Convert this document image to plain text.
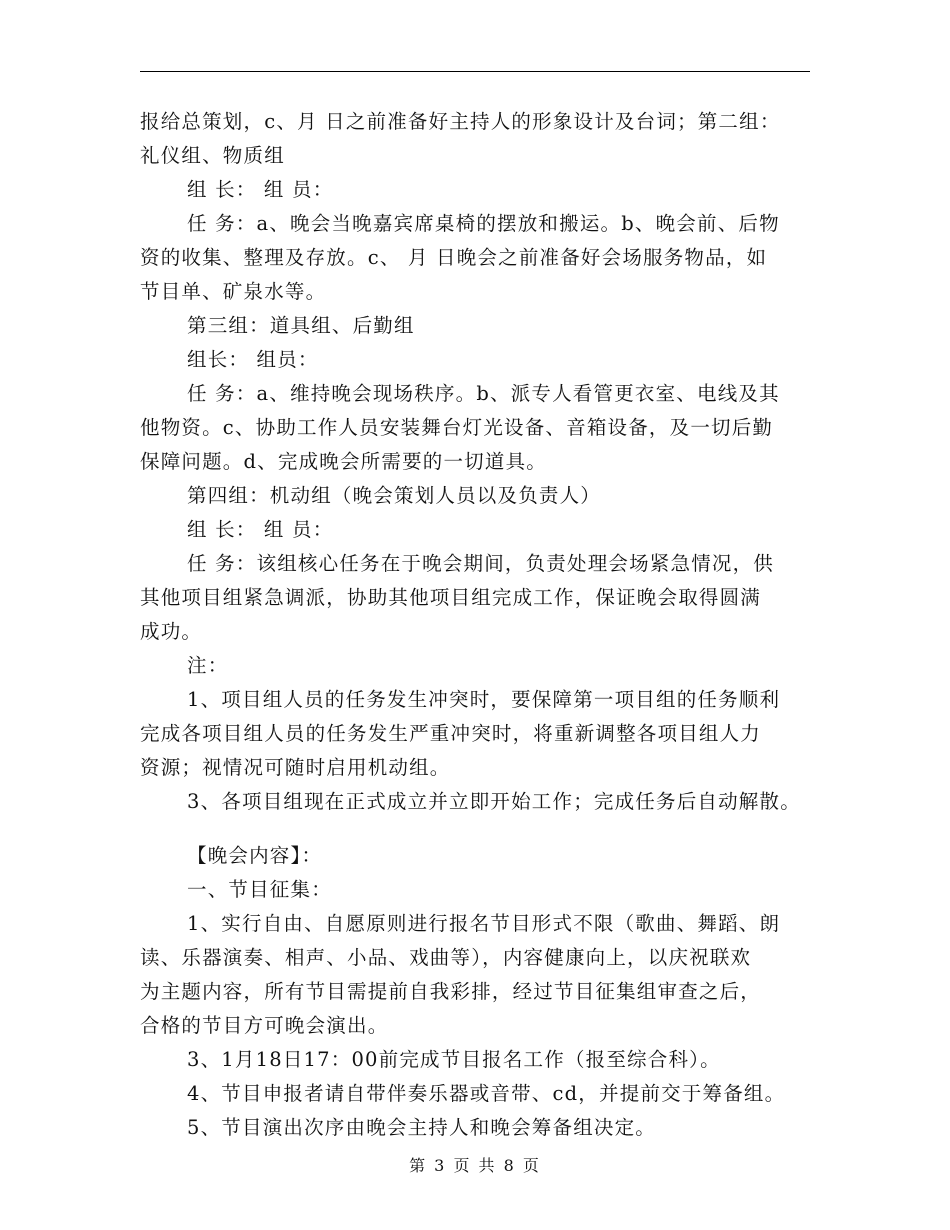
报给总策划，c、月 日之前准备好主持人的形象设计及台词；第二组：
礼仪组、物质组
组 长： 组 员：
任 务：a、晚会当晚嘉宾席桌椅的摆放和搬运。b、晚会前、后物
资的收集、整理及存放。c、 月 日晚会之前准备好会场服务物品，如
节目单、矿泉水等。
第三组：道具组、后勤组
组长： 组员：
任 务：a、维持晚会现场秩序。b、派专人看管更衣室、电线及其
他物资。c、协助工作人员安装舞台灯光设备、音箱设备，及一切后勤
保障问题。d、完成晚会所需要的一切道具。
第四组：机动组（晚会策划人员以及负责人）
组 长： 组 员：
任 务：该组核心任务在于晚会期间，负责处理会场紧急情况，供
其他项目组紧急调派，协助其他项目组完成工作，保证晚会取得圆满
成功。
注：
1、项目组人员的任务发生冲突时，要保障第一项目组的任务顺利
完成各项目组人员的任务发生严重冲突时，将重新调整各项目组人力
资源；视情况可随时启用机动组。
3、各项目组现在正式成立并立即开始工作；完成任务后自动解散。
【晚会内容】：
一、节目征集：
1、实行自由、自愿原则进行报名节目形式不限（歌曲、舞蹈、朗
读、乐器演奏、相声、小品、戏曲等），内容健康向上，以庆祝联欢
为主题内容，所有节目需提前自我彩排，经过节目征集组审查之后，
合格的节目方可晚会演出。
3、1月18日17：00前完成节目报名工作（报至综合科）。
4、节目申报者请自带伴奏乐器或音带、cd，并提前交于筹备组。
5、节目演出次序由晚会主持人和晚会筹备组决定。
第 3 页 共 8 页
